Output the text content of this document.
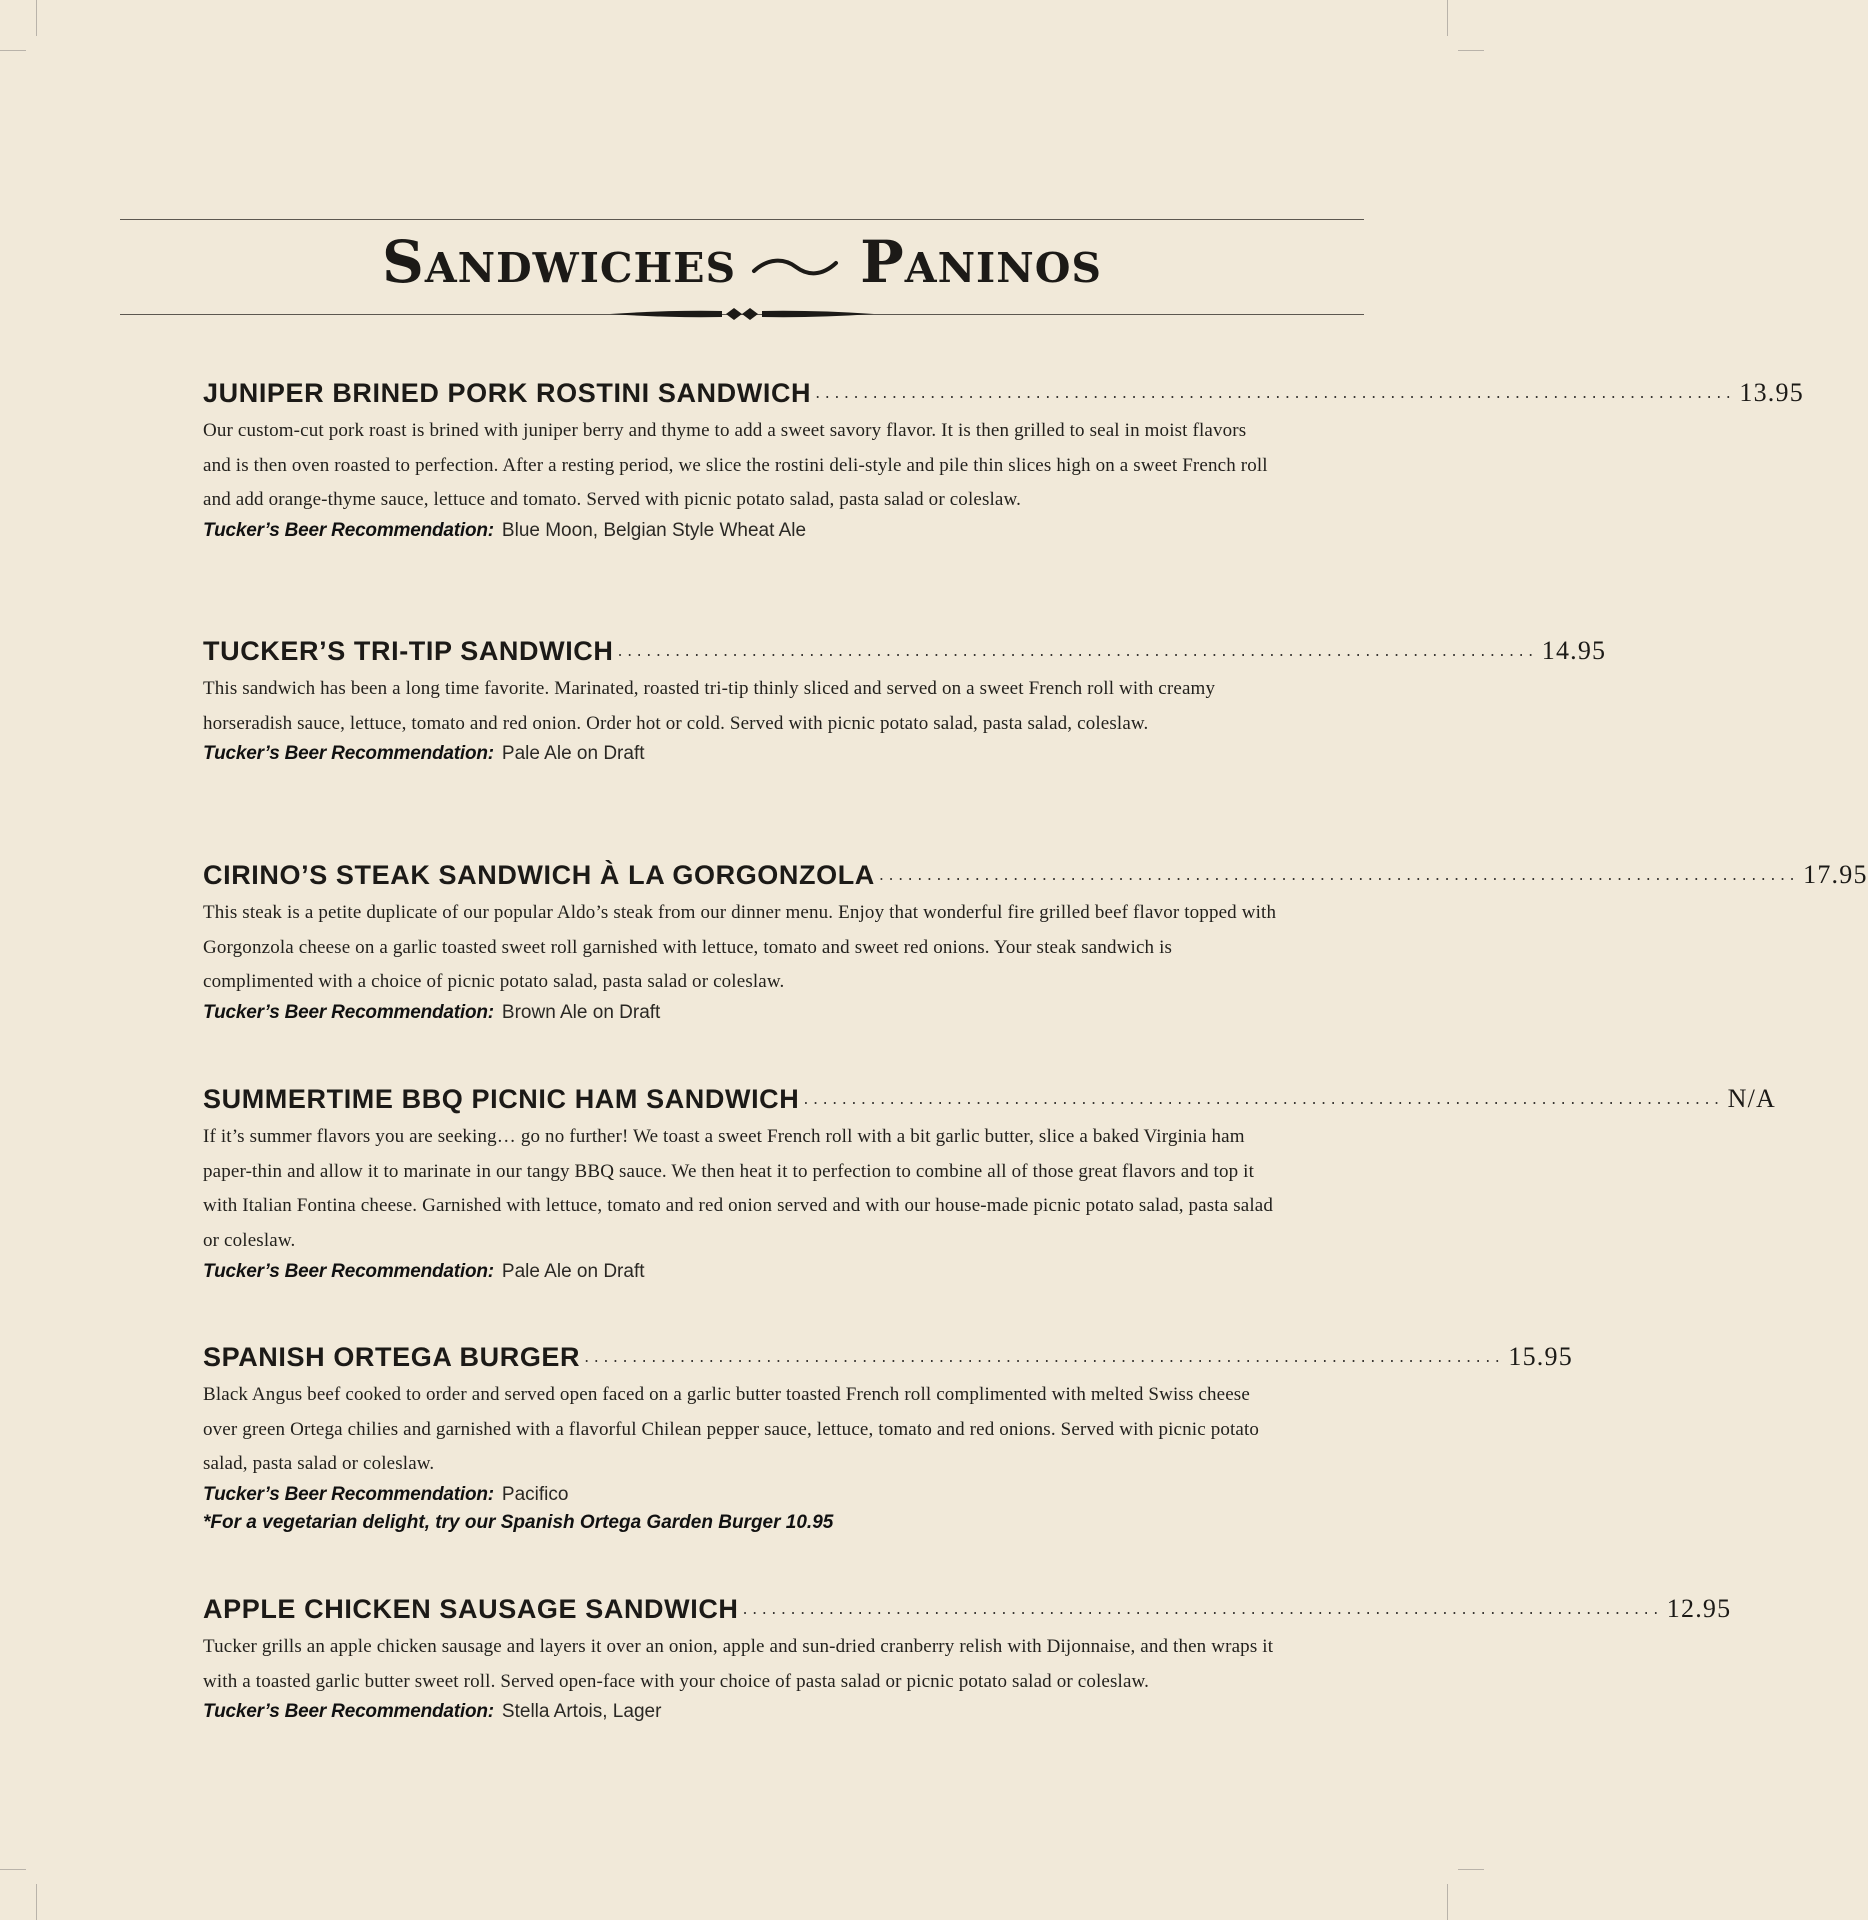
Sandwiches Paninos
JUNIPER BRINED PORK ROSTINI SANDWICH ................................................................................................ 13.95

Our custom-cut pork roast is brined with juniper berry and thyme to add a sweet savory flavor. It is then grilled to seal in moist flavors and is then oven roasted to perfection. After a resting period, we slice the rostini deli-style and pile thin slices high on a sweet French roll and add orange-thyme sauce, lettuce and tomato. Served with picnic potato salad, pasta salad or coleslaw.

Tucker’s Beer Recommendation: Blue Moon, Belgian Style Wheat Ale
TUCKER’S TRI-TIP SANDWICH ................................................................................................ 14.95

This sandwich has been a long time favorite. Marinated, roasted tri-tip thinly sliced and served on a sweet French roll with creamy horseradish sauce, lettuce, tomato and red onion. Order hot or cold. Served with picnic potato salad, pasta salad, coleslaw.

Tucker’s Beer Recommendation: Pale Ale on Draft
CIRINO’S STEAK SANDWICH À LA GORGONZOLA ................................................................................................ 17.95

This steak is a petite duplicate of our popular Aldo’s steak from our dinner menu. Enjoy that wonderful fire grilled beef flavor topped with Gorgonzola cheese on a garlic toasted sweet roll garnished with lettuce, tomato and sweet red onions. Your steak sandwich is complimented with a choice of picnic potato salad, pasta salad or coleslaw.

Tucker’s Beer Recommendation: Brown Ale on Draft
SUMMERTIME BBQ PICNIC HAM SANDWICH ................................................................................................ N/A

If it’s summer flavors you are seeking… go no further! We toast a sweet French roll with a bit garlic butter, slice a baked Virginia ham paper-thin and allow it to marinate in our tangy BBQ sauce. We then heat it to perfection to combine all of those great flavors and top it with Italian Fontina cheese. Garnished with lettuce, tomato and red onion served and with our house-made picnic potato salad, pasta salad or coleslaw.

Tucker’s Beer Recommendation: Pale Ale on Draft
SPANISH ORTEGA BURGER ................................................................................................ 15.95

Black Angus beef cooked to order and served open faced on a garlic butter toasted French roll complimented with melted Swiss cheese over green Ortega chilies and garnished with a flavorful Chilean pepper sauce, lettuce, tomato and red onions. Served with picnic potato salad, pasta salad or coleslaw.

Tucker’s Beer Recommendation: Pacifico
*For a vegetarian delight, try our Spanish Ortega Garden Burger 10.95
APPLE CHICKEN SAUSAGE SANDWICH ................................................................................................ 12.95

Tucker grills an apple chicken sausage and layers it over an onion, apple and sun-dried cranberry relish with Dijonnaise, and then wraps it with a toasted garlic butter sweet roll. Served open-face with your choice of pasta salad or picnic potato salad or coleslaw.

Tucker’s Beer Recommendation: Stella Artois, Lager
